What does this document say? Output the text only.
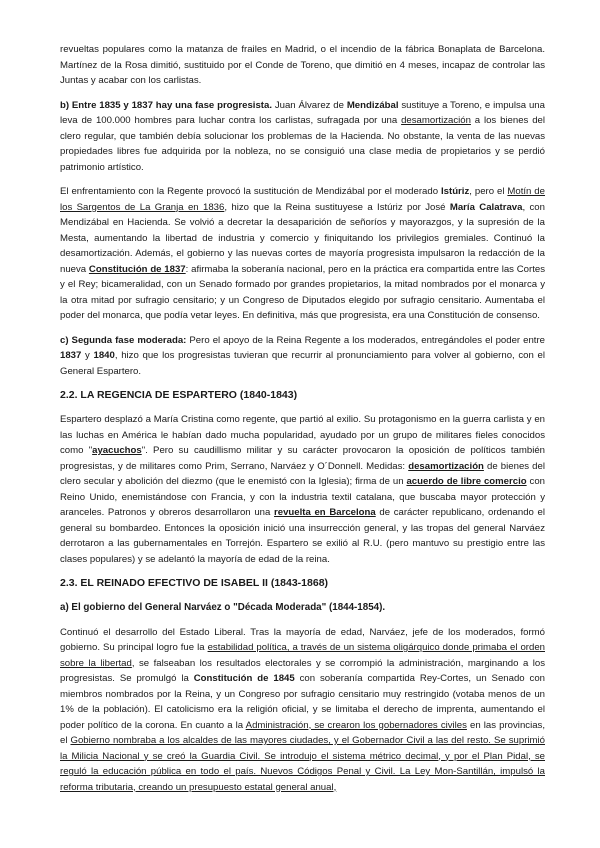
revueltas populares como la matanza de frailes en Madrid, o el incendio de la fábrica Bonaplata de Barcelona. Martínez de la Rosa dimitió, sustituido por el Conde de Toreno, que dimitió en 4 meses, incapaz de controlar las Juntas y acabar con los carlistas.

b) Entre 1835 y 1837 hay una fase progresista. Juan Álvarez de Mendizábal sustituye a Toreno, e impulsa una leva de 100.000 hombres para luchar contra los carlistas, sufragada por una desamortización a los bienes del clero regular, que también debía solucionar los problemas de la Hacienda. No obstante, la venta de las nuevas propiedades libres fue adquirida por la nobleza, no se consiguió una clase media de propietarios y se perdió patrimonio artístico.

El enfrentamiento con la Regente provocó la sustitución de Mendizábal por el moderado Istúriz, pero el Motín de los Sargentos de La Granja en 1836, hizo que la Reina sustituyese a Istúriz por José María Calatrava, con Mendizábal en Hacienda. Se volvió a decretar la desaparición de señoríos y mayorazgos, y la supresión de la Mesta, aumentando la libertad de industria y comercio y finiquitando los privilegios gremiales. Continuó la desamortización. Además, el gobierno y las nuevas cortes de mayoría progresista impulsaron la redacción de la nueva Constitución de 1837: afirmaba la soberanía nacional, pero en la práctica era compartida entre las Cortes y el Rey; bicameralidad, con un Senado formado por grandes propietarios, la mitad nombrados por el monarca y la otra mitad por sufragio censitario; y un Congreso de Diputados elegido por sufragio censitario. Aumentaba el poder del monarca, que podía vetar leyes. En definitiva, más que progresista, era una Constitución de consenso.

c) Segunda fase moderada: Pero el apoyo de la Reina Regente a los moderados, entregándoles el poder entre 1837 y 1840, hizo que los progresistas tuvieran que recurrir al pronunciamiento para volver al gobierno, con el General Espartero.

2.2. LA REGENCIA DE ESPARTERO (1840-1843)

Espartero desplazó a María Cristina como regente, que partió al exilio. Su protagonismo en la guerra carlista y en las luchas en América le habían dado mucha popularidad, ayudado por un grupo de militares fieles conocidos como "ayacuchos". Pero su caudillismo militar y su carácter provocaron la oposición de políticos también progresistas, y de militares como Prim, Serrano, Narváez y O´Donnell. Medidas: desamortización de bienes del clero secular y abolición del diezmo (que le enemistó con la Iglesia); firma de un acuerdo de libre comercio con Reino Unido, enemistándose con Francia, y con la industria textil catalana, que buscaba mayor protección y aranceles. Patronos y obreros desarrollaron una revuelta en Barcelona de carácter republicano, ordenando el general su bombardeo. Entonces la oposición inició una insurrección general, y las tropas del general Narváez derrotaron a las gubernamentales en Torrejón. Espartero se exilió al R.U. (pero mantuvo su prestigio entre las clases populares) y se adelantó la mayoría de edad de la reina.

2.3. EL REINADO EFECTIVO DE ISABEL II (1843-1868)
a) El gobierno del General Narváez o "Década Moderada" (1844-1854).

Continuó el desarrollo del Estado Liberal. Tras la mayoría de edad, Narváez, jefe de los moderados, formó gobierno. Su principal logro fue la estabilidad política, a través de un sistema oligárquico donde primaba el orden sobre la libertad, se falseaban los resultados electorales y se corrompió la administración, marginando a los progresistas. Se promulgó la Constitución de 1845 con soberanía compartida Rey-Cortes, un Senado con miembros nombrados por la Reina, y un Congreso por sufragio censitario muy restringido (votaba menos de un 1% de la población). El catolicismo era la religión oficial, y se limitaba el derecho de imprenta, aumentando el poder político de la corona. En cuanto a la Administración, se crearon los gobernadores civiles en las provincias, el Gobierno nombraba a los alcaldes de las mayores ciudades, y el Gobernador Civil a las del resto. Se suprimió la Milicia Nacional y se creó la Guardia Civil. Se introdujo el sistema métrico decimal, y por el Plan Pidal, se reguló la educación pública en todo el país. Nuevos Códigos Penal y Civil. La Ley Mon-Santillán, impulsó la reforma tributaria, creando un presupuesto estatal general anual,
